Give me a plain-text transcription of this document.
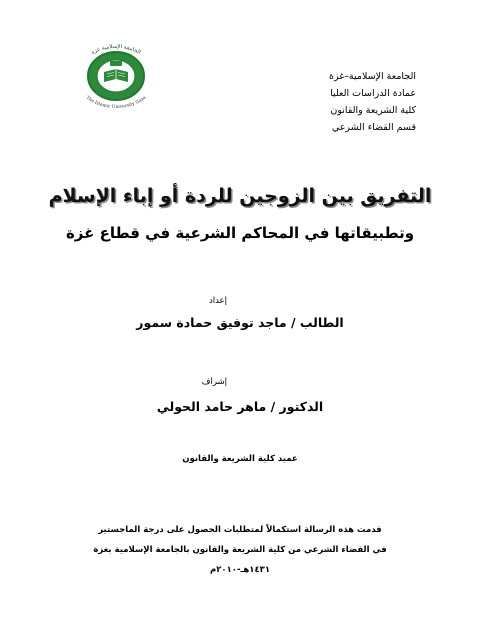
الجامعة الإسلامية–غزة
عمادة الدراسات العليا
كلية الشريعة والقانون
قسم القضاء الشرعي
الجامعة الإسلامية غزة
The Islamic University Gaza
التفريق بين الزوجين للردة أو إباء الإسلام
وتطبيقاتها في المحاكم الشرعية في قطاع غزة
إعداد
الطالب / ماجد توفيق حمادة سمور
إشراف
الدكتور / ماهر حامد الحولي
عميد كلية الشريعة والقانون
قدمت هذه الرسالة استكمالاً لمتطلبات الحصول على درجة الماجستير
في القضاء الشرعي من كلية الشريعة والقانون بالجامعة الإسلامية بغزة
١٤٣١هـ-٢٠١٠م
